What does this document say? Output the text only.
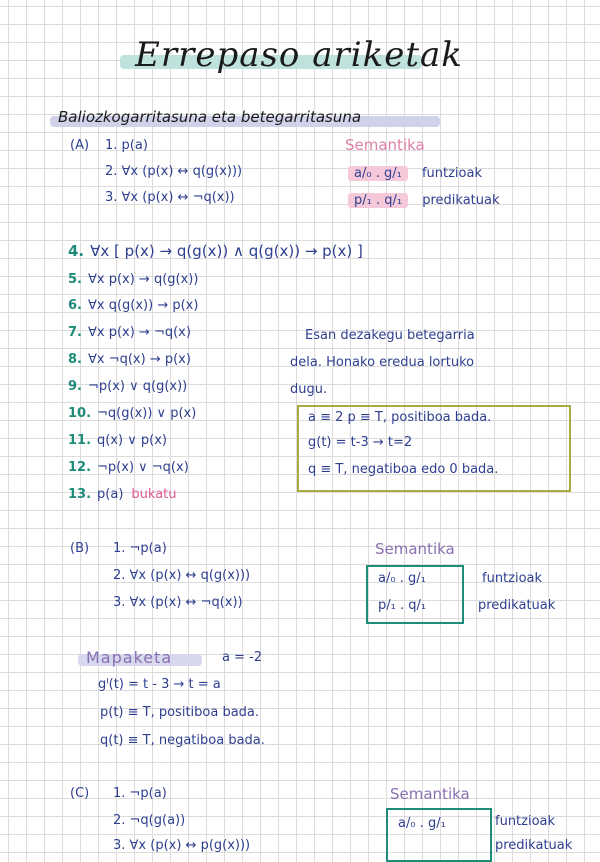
Errepaso ariketak
Baliozkogarritasuna eta betegarritasuna
(A) 1. p(a)
2. ∀x (p(x) ↔ q(g(x)))
3. ∀x (p(x) ↔ ¬q(x))
Semantika
a/₀ . g/₁ funtzioak
p/₁ . q/₁ predikatuak
4. ∀x [ p(x) → q(g(x)) ∧ q(g(x)) → p(x) ]
5. ∀x p(x) → q(g(x))
6. ∀x q(g(x)) → p(x)
7. ∀x p(x) → ¬q(x)
8. ∀x ¬q(x) → p(x)
9. ¬p(x) ∨ q(g(x))
10. ¬q(g(x)) ∨ p(x)
11. q(x) ∨ p(x)
12. ¬p(x) ∨ ¬q(x)
13. p(a) bukatu
Esan dezakegu betegarria
dela. Honako eredua lortuko
dugu.
a ≡ 2 p ≡ T, positiboa bada.
g(t) = t-3 → t=2
q ≡ T, negatiboa edo 0 bada.
(B) 1. ¬p(a)
2. ∀x (p(x) ↔ q(g(x)))
3. ∀x (p(x) ↔ ¬q(x))
Semantika
a/₀ . g/₁
p/₁ . q/₁
funtzioak
predikatuak
Mapaketa	a = -2
gᴵ(t) = t - 3 → t = a
p(t) ≡ T, positiboa bada.
q(t) ≡ T, negatiboa bada.
(C) 1. ¬p(a)
2. ¬q(g(a))
3. ∀x (p(x) ↔ p(g(x)))
Semantika
a/₀ . g/₁	funtzioak
predikatuak
